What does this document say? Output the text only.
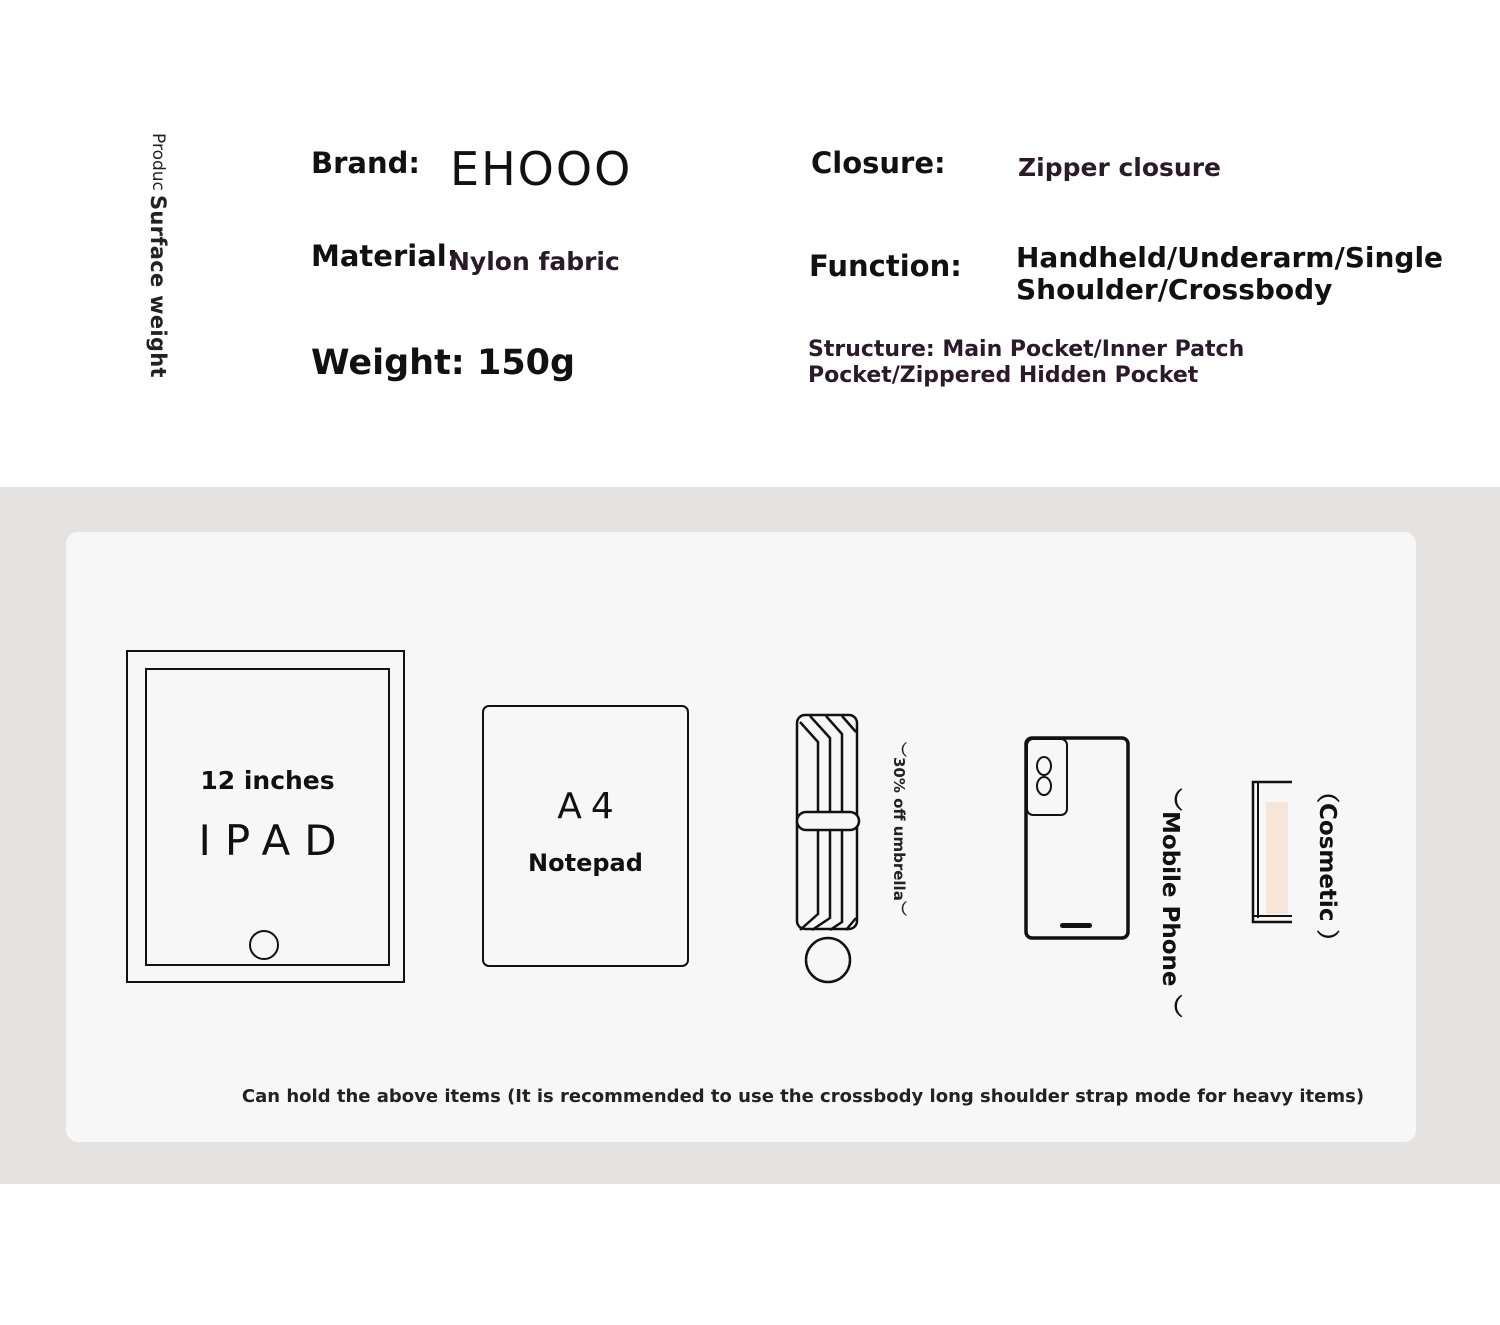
Produc
Surface weight
Brand: EHOOO
Material:
Nylon fabric
Weight: 150g
Closure:	Zipper closure
Function: Handheld/Underarm/Single Shoulder/Crossbody
Structure: Main Pocket/Inner Patch Pocket/Zippered Hidden Pocket
12 inches
IPAD
A4
Notepad	︶30% off umbrella︶	︶Mobile Phone ︶	（Cosmetic ）
Can hold the above items (It is recommended to use the crossbody long shoulder strap mode for heavy items)
